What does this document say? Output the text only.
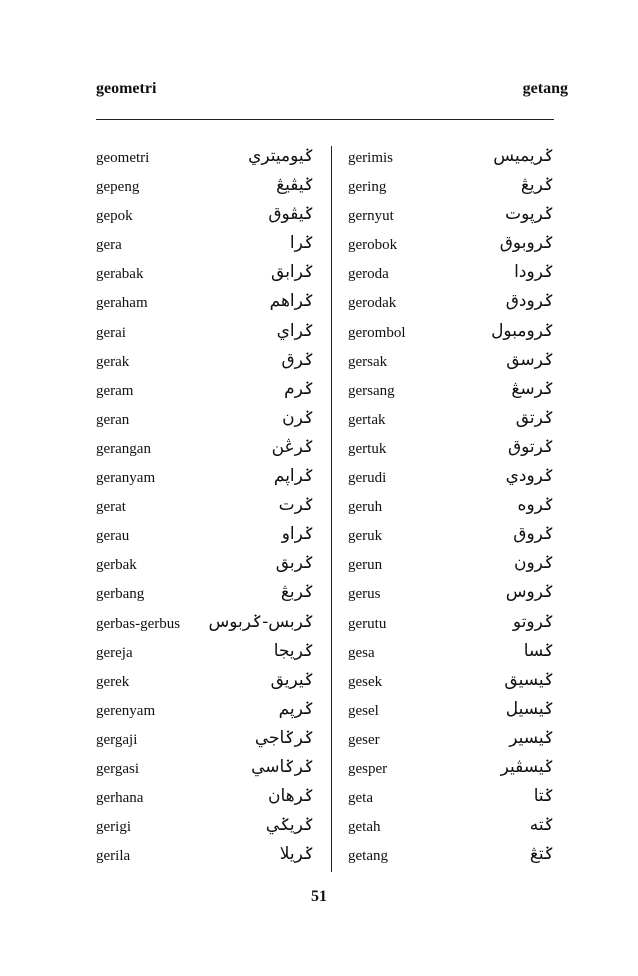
geometri	getang
geometri	ݢيوميتري
gepeng	ݢيڤيڠ
gepok	ݢيڤوق
gera	ݢرا
gerabak	ݢرابق
geraham	ݢراهم
gerai	ݢراي
gerak	ݢرق
geram	ݢرم
geran	ݢرن
gerangan	ݢرڠن
geranyam	ݢراڽم
gerat	ݢرت
gerau	ݢراو
gerbak	ݢربق
gerbang	ݢربڠ
gerbas-gerbus ݢربس-ݢربوس
gereja	ݢريجا
gerek	ݢيريق
gerenyam	ݢرڽم
gergaji	ݢرݢاجي
gergasi	ݢرݢاسي
gerhana	ݢرهان
gerigi	ݢريݢي
gerila	ݢريلا
gerimis	ݢريميس
gering	ݢريڠ
gernyut	ݢرڽوت
gerobok	ݢروبوق
geroda	ݢرودا
gerodak	ݢرودق
gerombol	ݢرومبول
gersak	ݢرسق
gersang	ݢرسڠ
gertak	ݢرتق
gertuk	ݢرتوق
gerudi	ݢرودي
geruh	ݢروه
geruk	ݢروق
gerun	ݢرون
gerus	ݢروس
gerutu	ݢروتو
gesa	ݢسا
gesek	ݢيسيق
gesel	ݢيسيل
geser	ݢيسير
gesper	ݢيسڤير
geta	ݢتا
getah	ݢته
getang	ݢتڠ
51
